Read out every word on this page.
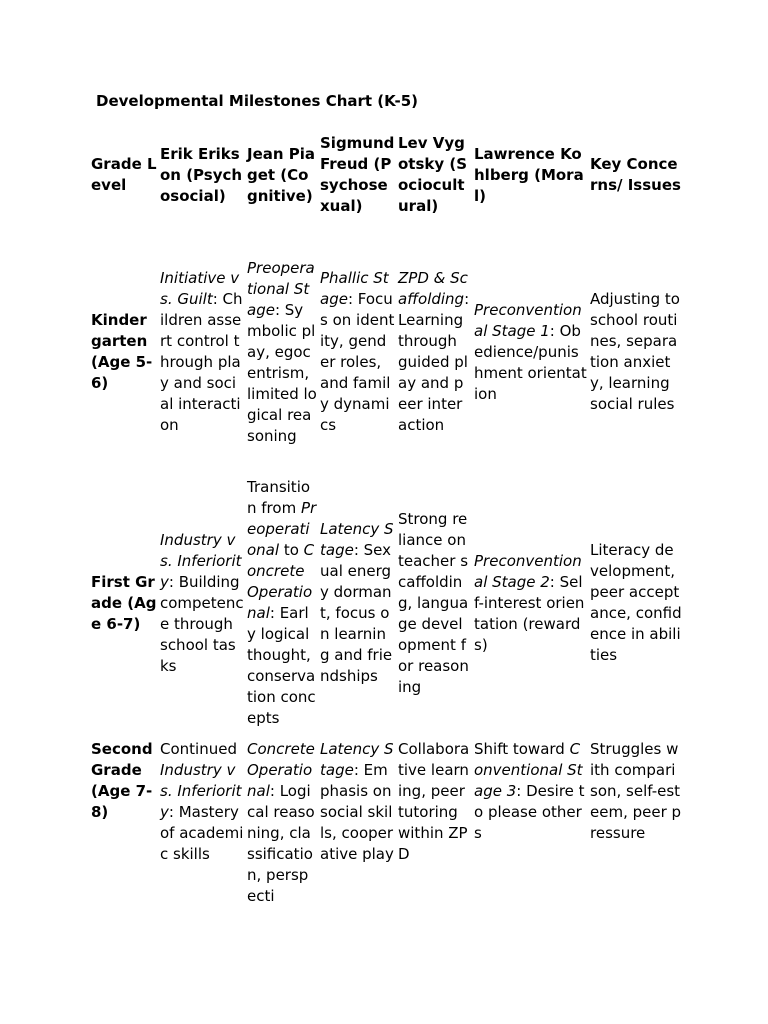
Developmental Milestones Chart (K-5)
Grade Level	Erik Erikson (Psychosocial)	Jean Piaget (Cognitive)	Sigmund Freud (Psychosexual)	Lev Vygotsky (Sociocultural)	Lawrence Kohlberg (Moral)	Key Concerns/ Issues
Kindergarten (Age 5-6)	Initiative vs. Guilt: Children assert control through play and social interaction	Preoperational Stage: Symbolic play, egocentrism, limited logical reasoning	Phallic Stage: Focus on identity, gender roles, and family dynamics	ZPD & Scaffolding: Learning through guided play and peer interaction	Preconventional Stage 1: Obedience/punishment orientation	Adjusting to school routines, separation anxiety, learning social rules
First Grade (Age 6-7)	Industry vs. Inferiority: Building competence through school tasks	Transition from Preoperational to Concrete Operational: Early logical thought, conservation concepts	Latency Stage: Sexual energy dormant, focus on learning and friendships	Strong reliance on teacher scaffolding, language development for reasoning	Preconventional Stage 2: Self-interest orientation (rewards)	Literacy development, peer acceptance, confidence in abilities
Second Grade (Age 7-8)	Continued Industry vs. Inferiority: Mastery of academic skills	Concrete Operational: Logical reasoning, classification, perspecti	Latency Stage: Emphasis on social skills, cooperative play	Collaborative learning, peer tutoring within ZPD	Shift toward Conventional Stage 3: Desire to please others	Struggles with comparison, self-esteem, peer pressure
